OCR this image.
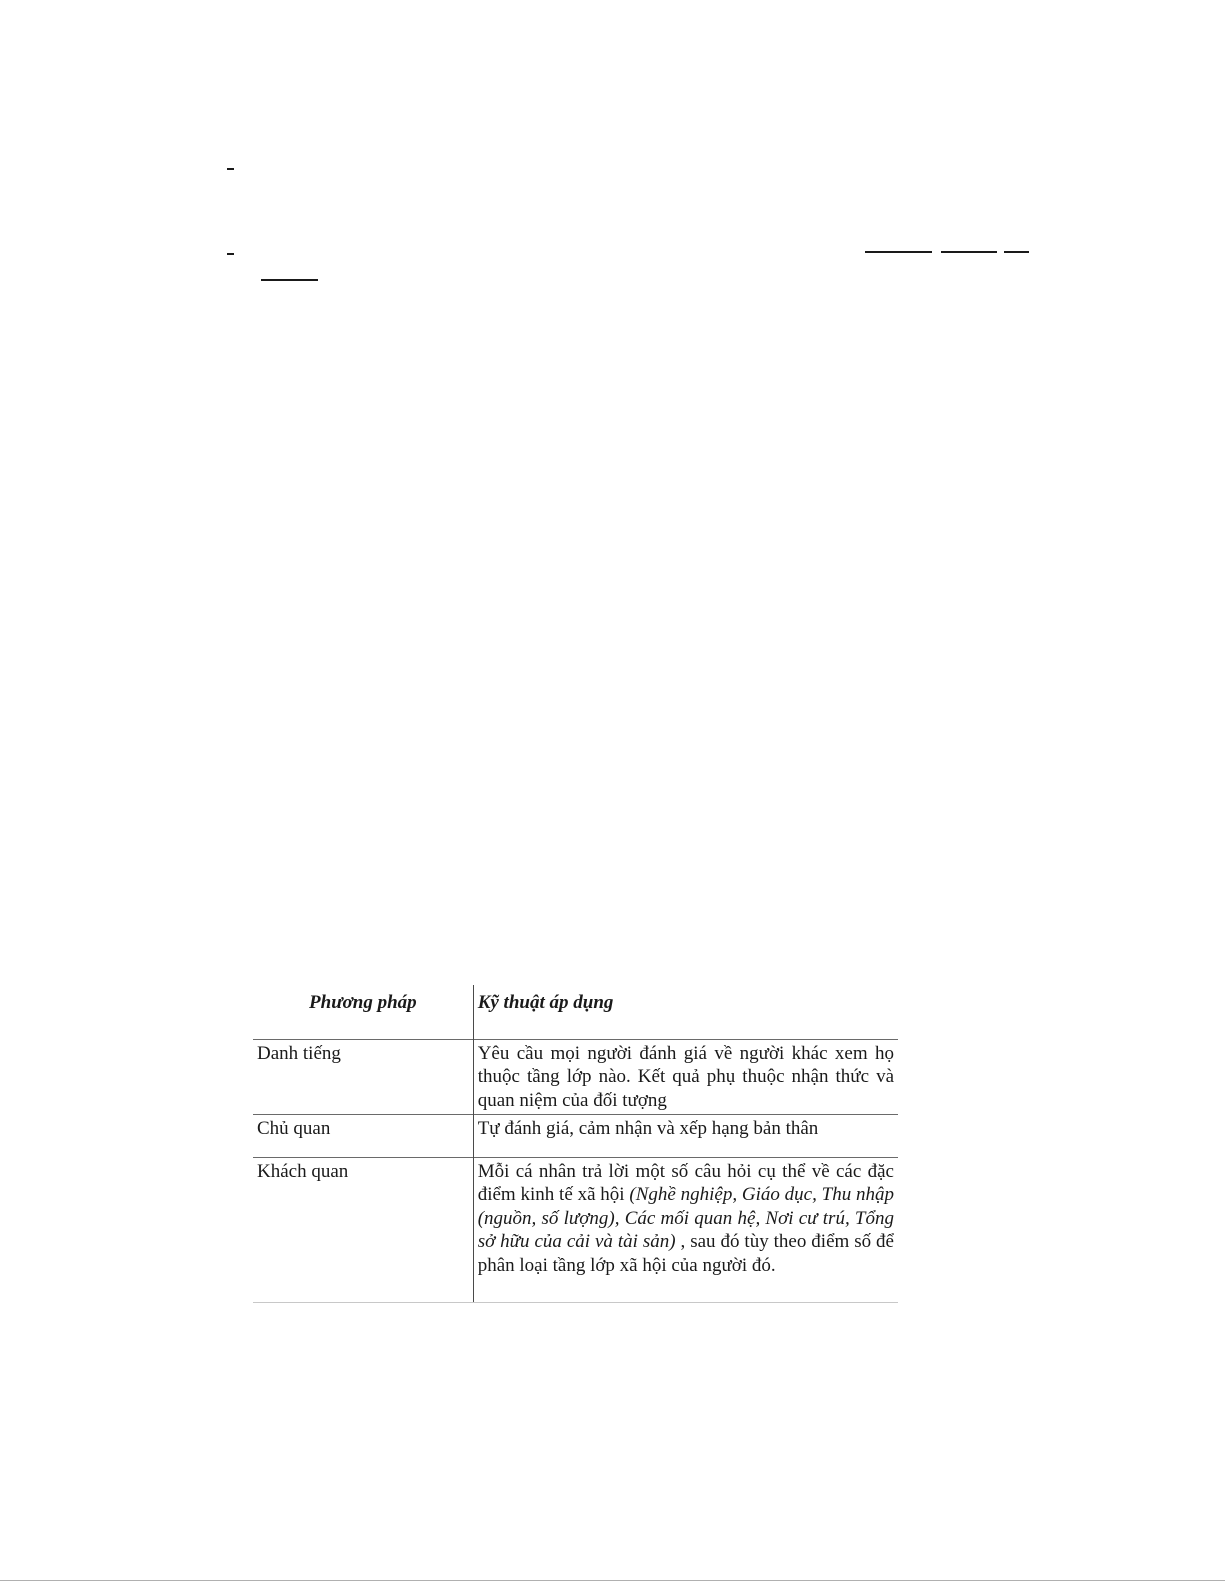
Phương pháp	Kỹ thuật áp dụng
Danh tiếng	Yêu cầu mọi người đánh giá về người khác xem họ thuộc tầng lớp nào. Kết quả phụ thuộc nhận thức và quan niệm của đối tượng
Chủ quan	Tự đánh giá, cảm nhận và xếp hạng bản thân
Khách quan	Mỗi cá nhân trả lời một số câu hỏi cụ thể về các đặc điểm kinh tế xã hội (Nghề nghiệp, Giáo dục, Thu nhập (nguồn, số lượng), Các mối quan hệ, Nơi cư trú, Tổng sở hữu của cải và tài sản) , sau đó tùy theo điểm số để phân loại tầng lớp xã hội của người đó.
